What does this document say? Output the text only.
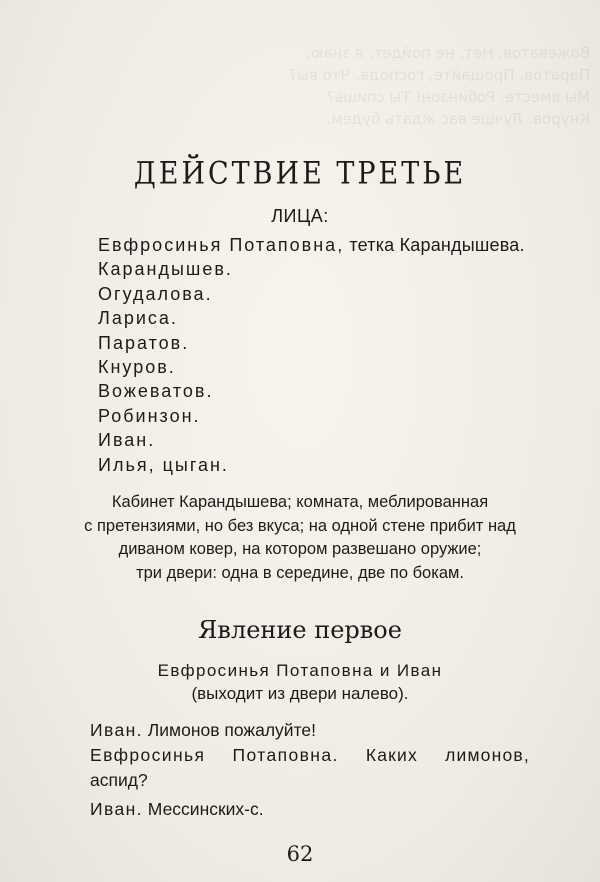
Вожеватов. Нет, не пойдет, я знаю.
Паратов. Прощайте, господа. Что вы?
Мы вместе. Робинзон! Ты спишь?
Кнуров. Лучше вас ждать будем.

ДЕЙСТВИЕ ТРЕТЬЕ
ЛИЦА:
Евфросинья Потаповна, тетка Карандышева.
Карандышев.
Огудалова.
Лариса.
Паратов.
Кнуров.
Вожеватов.
Робинзон.
Иван.
Илья, цыган.
Кабинет Карандышева; комната, меблированная
с претензиями, но без вкуса; на одной стене прибит над
диваном ковер, на котором развешано оружие;
три двери: одна в середине, две по бокам.
Явление первое
Евфросинья Потаповна и Иван
(выходит из двери налево).
Иван. Лимонов пожалуйте!
Евфросинья Потаповна. Каких лимонов,
аспид?
Иван. Мессинских-с.
62
